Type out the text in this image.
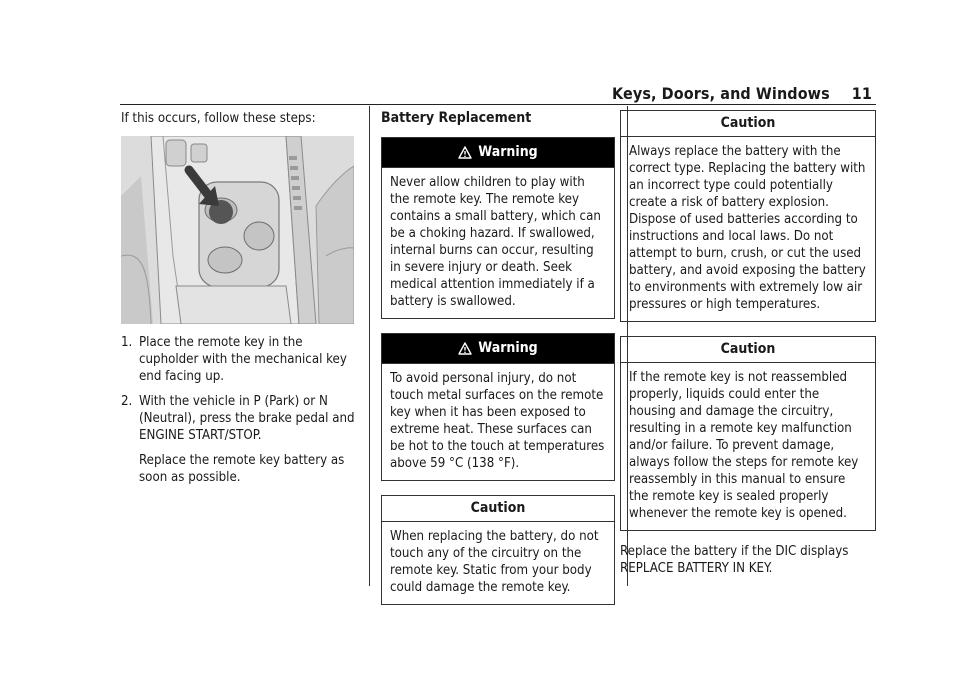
Keys, Doors, and Windows 11

If this occurs, follow these steps:

1. Place the remote key in the cupholder with the mechanical key end facing up.
2. With the vehicle in P (Park) or N (Neutral), press the brake pedal and ENGINE START/STOP.

Replace the remote key battery as soon as possible.

Battery Replacement

Warning
Never allow children to play with the remote key. The remote key contains a small battery, which can be a choking hazard. If swallowed, internal burns can occur, resulting in severe injury or death. Seek medical attention immediately if a battery is swallowed.
Warning
To avoid personal injury, do not touch metal surfaces on the remote key when it has been exposed to extreme heat. These surfaces can be hot to the touch at temperatures above 59 °C (138 °F).
Caution
When replacing the battery, do not touch any of the circuitry on the remote key. Static from your body could damage the remote key.
Caution
Always replace the battery with the correct type. Replacing the battery with an incorrect type could potentially create a risk of battery explosion. Dispose of used batteries according to instructions and local laws. Do not attempt to burn, crush, or cut the used battery, and avoid exposing the battery to environments with extremely low air pressures or high temperatures.
Caution
If the remote key is not reassembled properly, liquids could enter the housing and damage the circuitry, resulting in a remote key malfunction and/or failure. To prevent damage, always follow the steps for remote key reassembly in this manual to ensure the remote key is sealed properly whenever the remote key is opened.

Replace the battery if the DIC displays REPLACE BATTERY IN KEY.
